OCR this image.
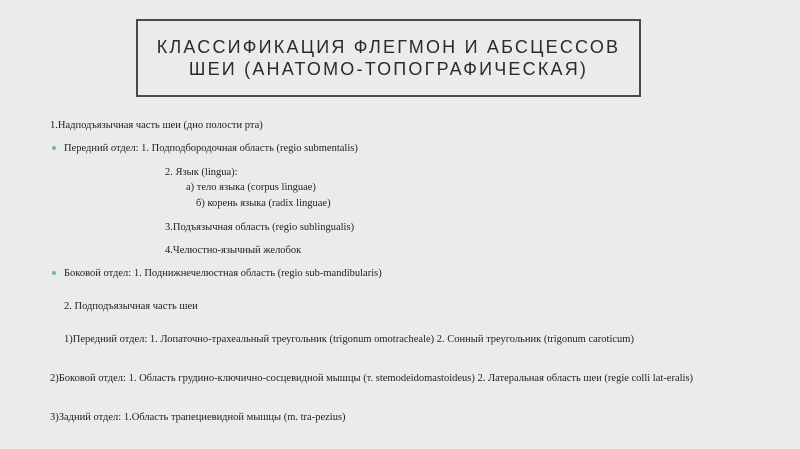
КЛАССИФИКАЦИЯ ФЛЕГМОН И АБСЦЕССОВ
ШЕИ (АНАТОМО-ТОПОГРАФИЧЕСКАЯ)
1.Надподъязычная часть шеи (дно полости рта)
Передний отдел: 1. Подподбородочная область (regio submentalis)
2. Язык (lingua):
а) тело языка (corpus linguae)
б) корень языка (radix linguae)
3.Подъязычная область (regio sublingualis)
4.Челюстно-язычный желобок
Боковой отдел: 1. Поднижнечелюстная область (regio sub-mandibularis)
2. Подподъязычная часть шеи
1)Передний отдел: 1. Лопаточно-трахеальный треугольник (trigonum omotracheale) 2. Сонный треугольник (trigonum caroticum)
2)Боковой отдел: 1. Область грудино-ключично-сосцевидной мышцы (т. stemodeidomastoideus) 2. Латеральная область шеи (regie colli lat-eralis)
3)Задний отдел: 1.Область трапециевидной мышцы (m. tra-pezius)
